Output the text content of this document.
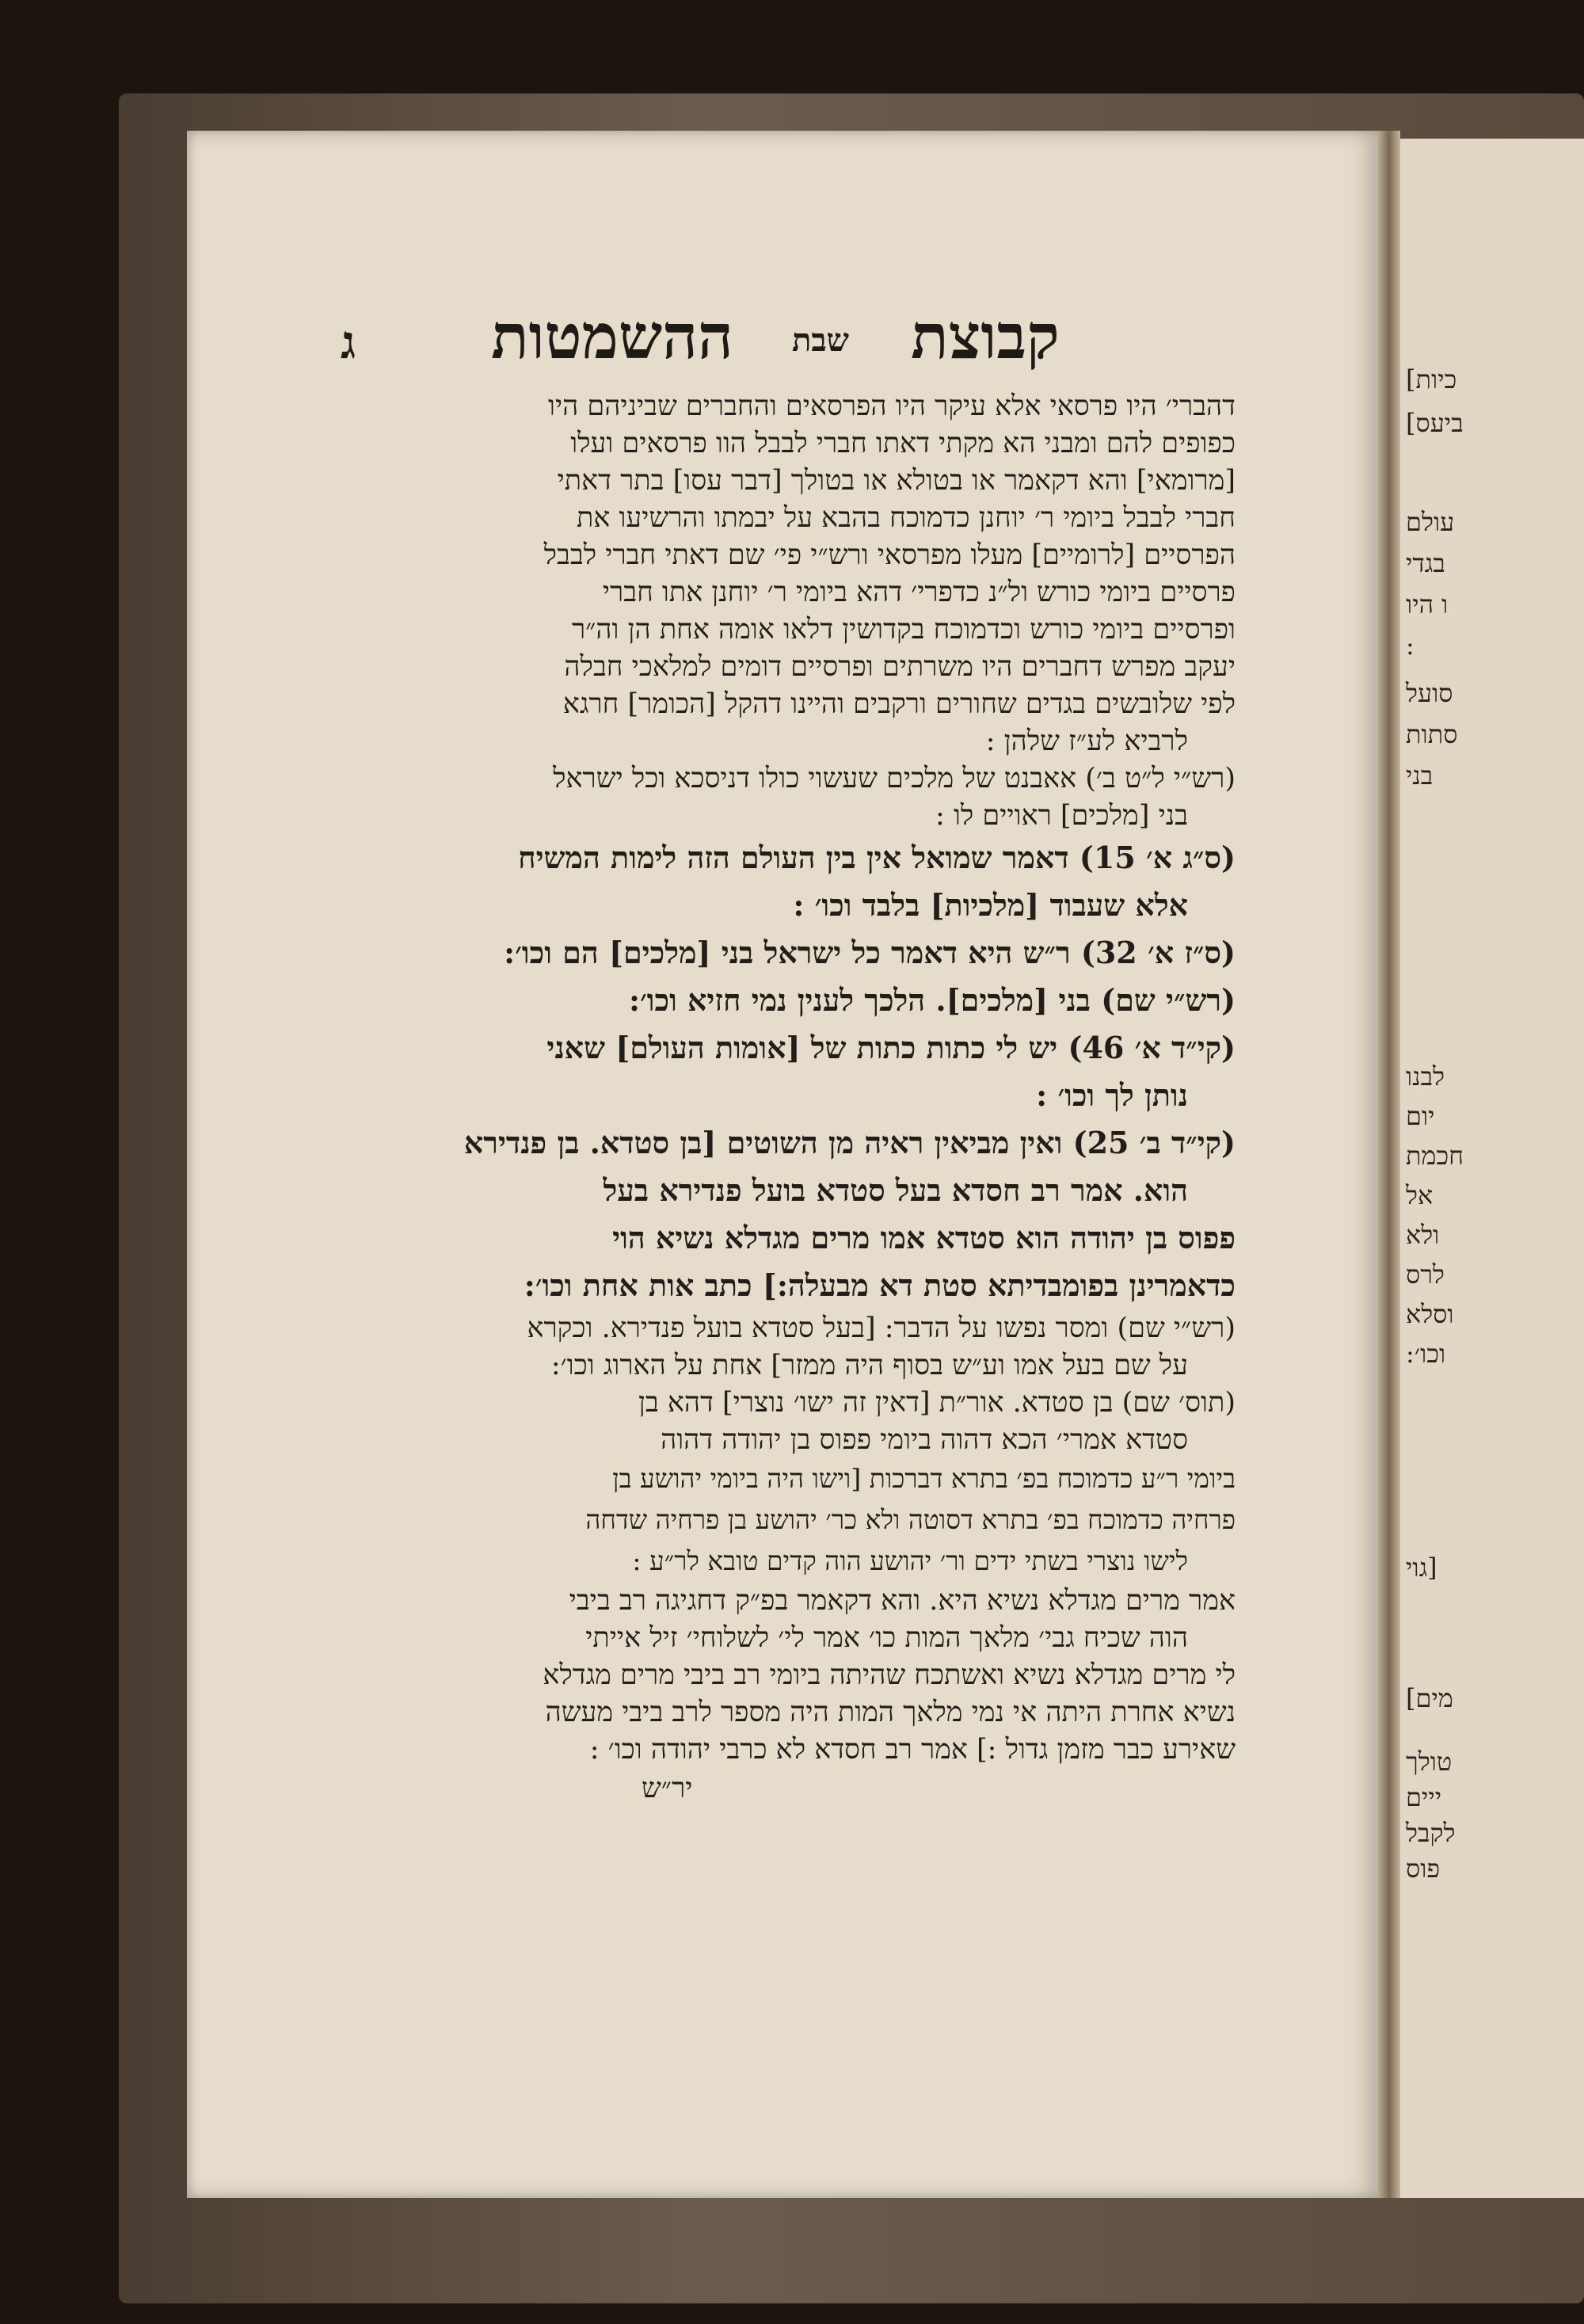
ג ההשמטות שבת קבוצת
דהברי׳ היו פרסאי אלא עיקר היו הפרסאים והחברים שביניהם היו
כפופים להם ומבני הא מקתי דאתו חברי לבבל הוו פרסאים ועלו
[מרומאי] והא דקאמר או בטולא או בטולך [דבר עסו] בתר דאתי
חברי לבבל ביומי ר׳ יוחנן כדמוכח בהבא על יבמתו והרשיעו את
הפרסיים [לרומיים] מעלו מפרסאי ורש״י פי׳ שם דאתי חברי לבבל
פרסיים ביומי כורש ול״נ כדפרי׳ דהא ביומי ר׳ יוחנן אתו חברי
ופרסיים ביומי כורש וכדמוכח בקדושין דלאו אומה אחת הן וה״ר
יעקב מפרש דחברים היו משרתים ופרסיים דומים למלאכי חבלה
לפי שלובשים בגדים שחורים ורקבים והיינו דהקל [הכומר] חרגא
לרביא לע״ז שלהן :
(רש״י ל״ט ב׳) אאבנט של מלכים שעשוי כולו דניסכא וכל ישראל
בני [מלכים] ראויים לו :
(ס״ג א׳ 15) דאמר שמואל אין בין העולם הזה לימות המשיח
אלא שעבוד [מלכיות] בלבד וכו׳ :
(ס״ז א׳ 32) ר״ש היא דאמר כל ישראל בני [מלכים] הם וכו׳:
(רש״י שם) בני [מלכים]. הלכך לענין נמי חזיא וכו׳:
(קי״ד א׳ 46) יש לי כתות כתות של [אומות העולם] שאני
נותן לך וכו׳ :
(קי״ד ב׳ 25) ואין מביאין ראיה מן השוטים [בן סטדא. בן פנדירא
הוא. אמר רב חסדא בעל סטדא בועל פנדירא בעל
פפוס בן יהודה הוא סטדא אמו מרים מגדלא נשיא הוי
כדאמרינן בפומבדיתא סטת דא מבעלה:] כתב אות אחת וכו׳:
(רש״י שם) ומסר נפשו על הדבר: [בעל סטדא בועל פנדירא. וכקרא
על שם בעל אמו וע״ש בסוף היה ממזר] אחת על הארוג וכו׳:
(תוס׳ שם) בן סטדא. אור״ת [דאין זה ישו׳ נוצרי] דהא בן
סטדא אמרי׳ הכא דהוה ביומי פפוס בן יהודה דהוה
ביומי ר״ע כדמוכח בפ׳ בתרא דברכות [וישו היה ביומי יהושע בן
פרחיה כדמוכח בפ׳ בתרא דסוטה ולא כר׳ יהושע בן פרחיה שדחה
לישו נוצרי בשתי ידים ור׳ יהושע הוה קדים טובא לר״ע :
אמר מרים מגדלא נשיא היא. והא דקאמר בפ״ק דחגיגה רב ביבי
הוה שכיח גבי׳ מלאך המות כו׳ אמר לי׳ לשלוחי׳ זיל אייתי
לי מרים מגדלא נשיא ואשתכח שהיתה ביומי רב ביבי מרים מגדלא
נשיא אחרת היתה אי נמי מלאך המות היה מספר לרב ביבי מעשה
שאירע כבר מזמן גדול :] אמר רב חסדא לא כרבי יהודה וכו׳ :
יר״ש
כיות]
ביעס]
עולם
בגדי
ו היו
:
סועל
סתות
בני
לבנו
יום
חכמת
אל
ולא
לרס
וסלא
וכו׳:
[גוי
מים]
טולך
ייים
לקבל
פוס
